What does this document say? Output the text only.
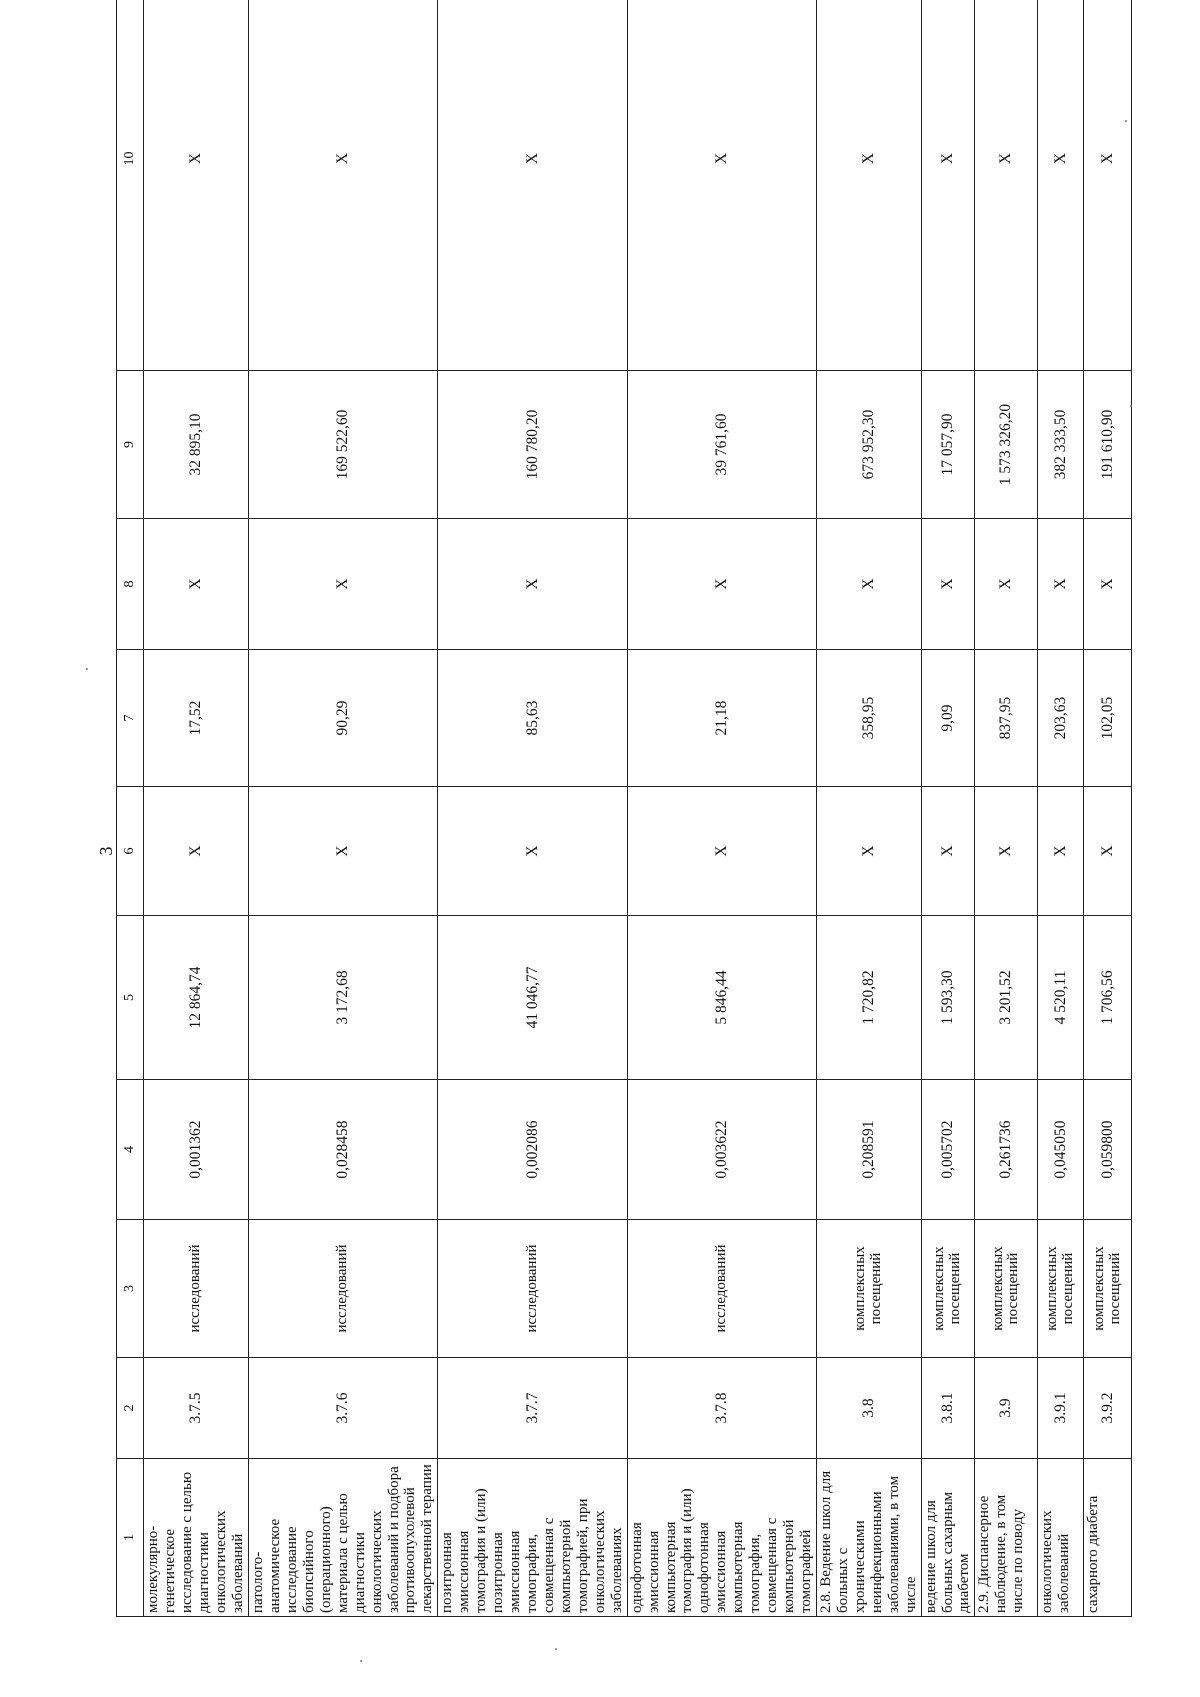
3
1	2	3	4	5	6	7	8	9	10
молекулярно-генетическое исследование с целью диагностики онкологических заболеваний	3.7.5	исследований	0,001362	12 864,74	Х	17,52	Х	32 895,10	Х
патолого-анатомическое исследование биопсийного (операционного) материала с целью диагностики онкологических заболеваний и подбора противоопухолевой лекарственной терапии	3.7.6	исследований	0,028458	3 172,68	Х	90,29	Х	169 522,60	Х
позитронная эмиссионная томография и (или) позитронная эмиссионная томография, совмещенная с компьютерной томографией, при онкологических заболеваниях	3.7.7	исследований	0,002086	41 046,77	Х	85,63	Х	160 780,20	Х
однофотонная эмиссионная компьютерная томография и (или) однофотонная эмиссионная компьютерная томография, совмещенная с компьютерной томографией	3.7.8	исследований	0,003622	5 846,44	Х	21,18	Х	39 761,60	Х
2.8. Ведение школ для больных с хроническими неинфекционными заболеваниями, в том числе	3.8	комплексных посещений	0,208591	1 720,82	Х	358,95	Х	673 952,30	Х
ведение школ для больных сахарным диабетом	3.8.1	комплексных посещений	0,005702	1 593,30	Х	9,09	Х	17 057,90	Х
2.9. Диспансерное наблюдение, в том числе по поводу	3.9	комплексных посещений	0,261736	3 201,52	Х	837,95	Х	1 573 326,20	Х
онкологических заболеваний	3.9.1	комплексных посещений	0,045050	4 520,11	Х	203,63	Х	382 333,50	Х
сахарного диабета	3.9.2	комплексных посещений	0,059800	1 706,56	Х	102,05	Х	191 610,90	Х
